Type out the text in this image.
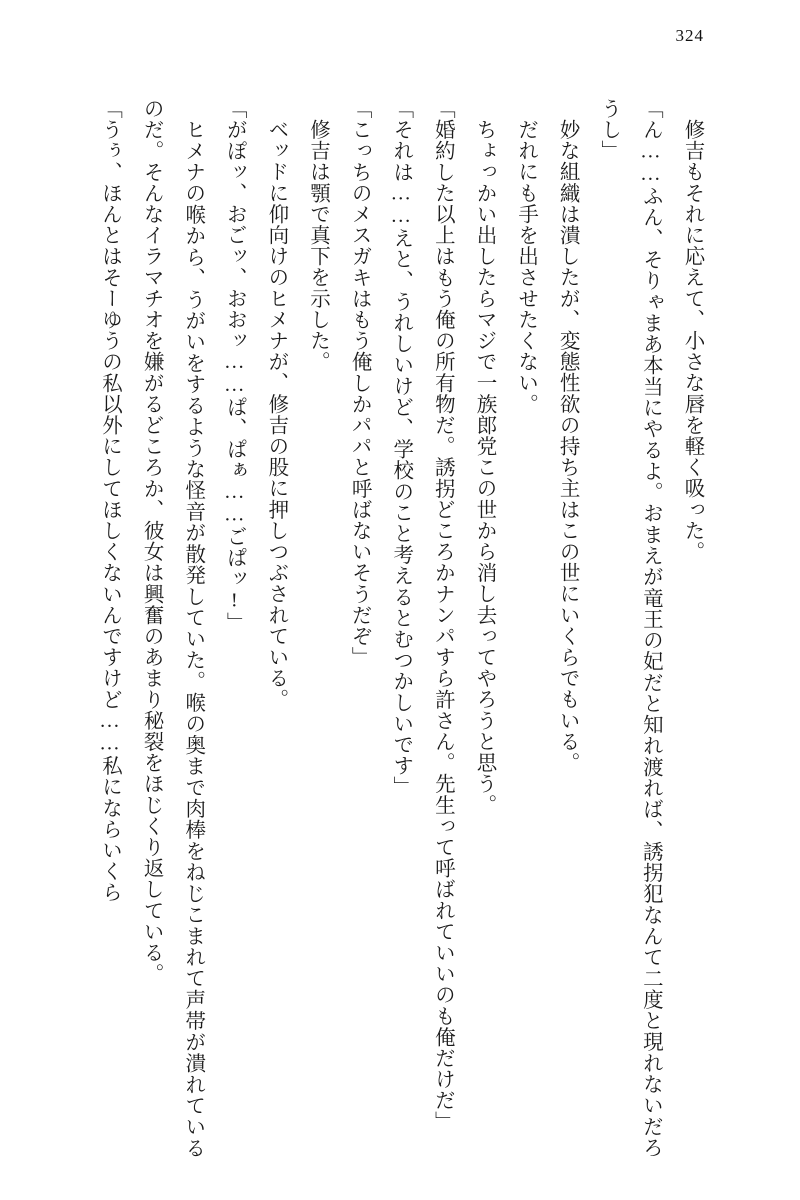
324

修吉もそれに応えて、小さな唇を軽く吸った。

「ん……ふん、そりゃまあ本当にやるよ。おまえが竜王の妃だと知れ渡れば、誘拐犯なんて二度と現れないだろうし」

妙な組織は潰したが、変態性欲の持ち主はこの世にいくらでもいる。

だれにも手を出させたくない。

ちょっかい出したらマジで一族郎党この世から消し去ってやろうと思う。

「婚約した以上はもう俺の所有物だ。誘拐どころかナンパすら許さん。先生って呼ばれていいのも俺だけだ」

「それは……えと、うれしいけど、学校のこと考えるとむつかしいです」

「こっちのメスガキはもう俺しかパパと呼ばないそうだぞ」

修吉は顎で真下を示した。

ベッドに仰向けのヒメナが、修吉の股に押しつぶされている。

「がぽッ、おごッ、おおッ……ぱ、ぱぁ……ごぱッ!」

ヒメナの喉から、うがいをするような怪音が散発していた。喉の奥まで肉棒をねじこまれて声帯が潰れているのだ。そんなイラマチオを嫌がるどころか、彼女は興奮のあまり秘裂をほじくり返している。

「うぅ、ほんとはそーゆうの私以外にしてほしくないんですけど……私にならいくら
